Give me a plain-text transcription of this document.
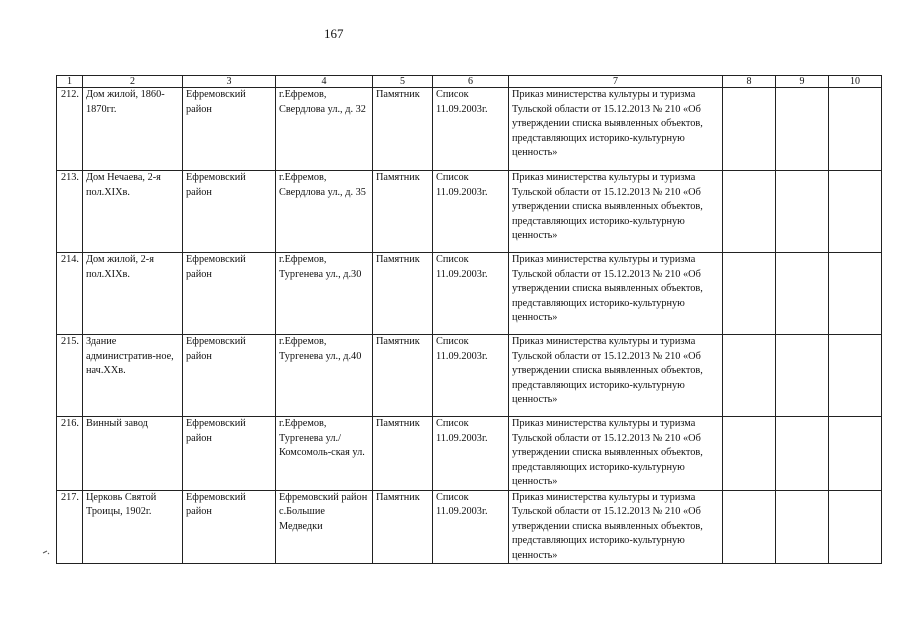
167
1	2	3	4	5	6	7	8	9	10
212.	Дом жилой, 1860-1870гг.	Ефремовский район	г.Ефремов, Свердлова ул., д. 32	Памятник	Список 11.09.2003г.	Приказ министерства культуры и туризма Тульской области от 15.12.2013 № 210 «Об утверждении списка выявленных объектов, представляющих историко-культурную ценность»			
213.	Дом Нечаева, 2-я пол.XIXв.	Ефремовский район	г.Ефремов, Свердлова ул., д. 35	Памятник	Список 11.09.2003г.	Приказ министерства культуры и туризма Тульской области от 15.12.2013 № 210 «Об утверждении списка выявленных объектов, представляющих историко-культурную ценность»			
214.	Дом жилой, 2-я пол.XIXв.	Ефремовский район	г.Ефремов, Тургенева ул., д.30	Памятник	Список 11.09.2003г.	Приказ министерства культуры и туризма Тульской области от 15.12.2013 № 210 «Об утверждении списка выявленных объектов, представляющих историко-культурную ценность»			
215.	Здание административ-ное, нач.XXв.	Ефремовский район	г.Ефремов, Тургенева ул., д.40	Памятник	Список 11.09.2003г.	Приказ министерства культуры и туризма Тульской области от 15.12.2013 № 210 «Об утверждении списка выявленных объектов, представляющих историко-культурную ценность»			
216.	Винный завод	Ефремовский район	г.Ефремов, Тургенева ул./Комсомоль-ская ул.	Памятник	Список 11.09.2003г.	Приказ министерства культуры и туризма Тульской области от 15.12.2013 № 210 «Об утверждении списка выявленных объектов, представляющих историко-культурную ценность»			
217.	Церковь Святой Троицы, 1902г.	Ефремовский район	Ефремовский район с.Большие Медведки	Памятник	Список 11.09.2003г.	Приказ министерства культуры и туризма Тульской области от 15.12.2013 № 210 «Об утверждении списка выявленных объектов, представляющих историко-культурную ценность»			
